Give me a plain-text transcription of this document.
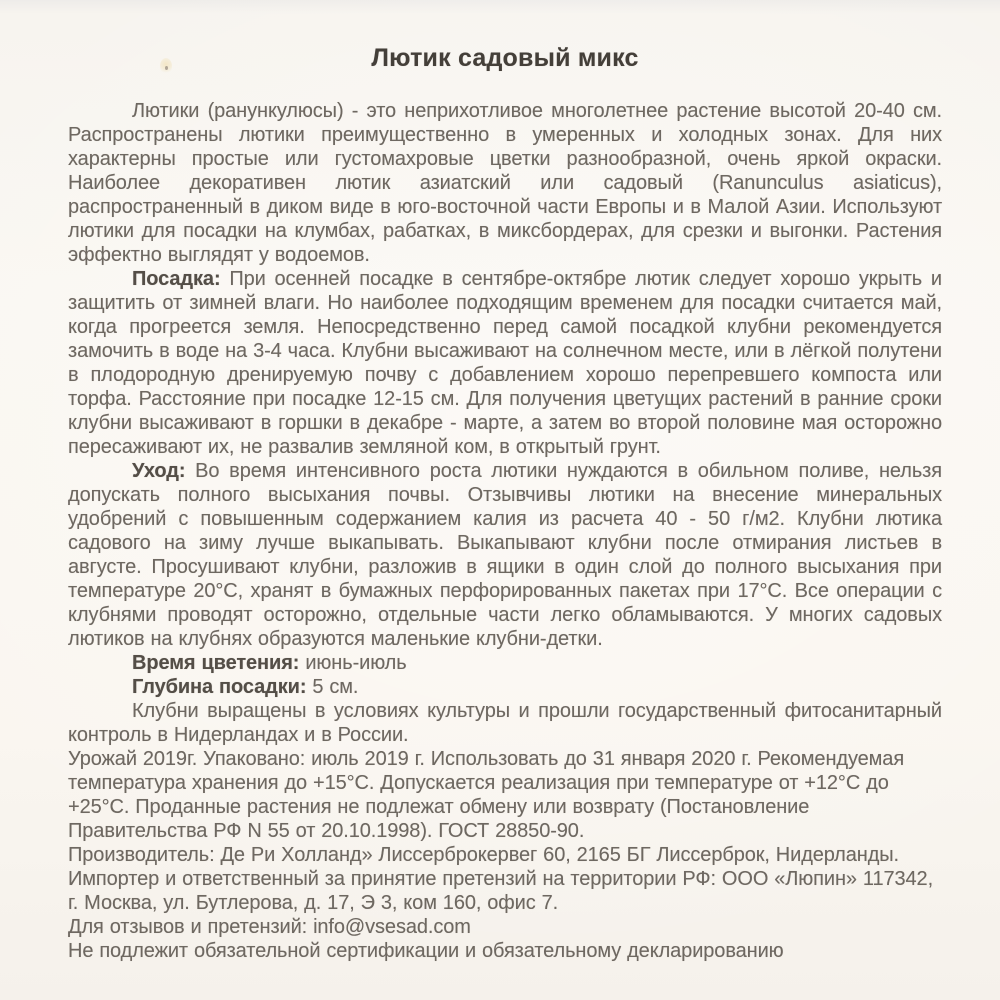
Лютик садовый микс

Лютики (ранункулюсы) - это неприхотливое многолетнее растение высотой 20-40 см. Распространены лютики преимущественно в умеренных и холодных зонах. Для них характерны простые или густомахровые цветки разнообразной, очень яркой окраски. Наиболее декоративен лютик азиатский или садовый (Ranunculus asiaticus), распространенный в диком виде в юго-восточной части Европы и в Малой Азии. Используют лютики для посадки на клумбах, рабатках, в миксбордерах, для срезки и выгонки. Растения эффектно выглядят у водоемов.

Посадка: При осенней посадке в сентябре-октябре лютик следует хорошо укрыть и защитить от зимней влаги. Но наиболее подходящим временем для посадки считается май, когда прогреется земля. Непосредственно перед самой посадкой клубни рекомендуется замочить в воде на 3-4 часа. Клубни высаживают на солнечном месте, или в лёгкой полутени в плодородную дренируемую почву с добавлением хорошо перепревшего компоста или торфа. Расстояние при посадке 12-15 см. Для получения цветущих растений в ранние сроки клубни высаживают в горшки в декабре - марте, а затем во второй половине мая осторожно пересаживают их, не развалив земляной ком, в открытый грунт.

Уход: Во время интенсивного роста лютики нуждаются в обильном поливе, нельзя допускать полного высыхания почвы. Отзывчивы лютики на внесение минеральных удобрений с повышенным содержанием калия из расчета 40 - 50 г/м2. Клубни лютика садового на зиму лучше выкапывать. Выкапывают клубни после отмирания листьев в августе. Просушивают клубни, разложив в ящики в один слой до полного высыхания при температуре 20°С, хранят в бумажных перфорированных пакетах при 17°С. Все операции с клубнями проводят осторожно, отдельные части легко обламываются. У многих садовых лютиков на клубнях образуются маленькие клубни-детки.

Время цветения: июнь-июль

Глубина посадки: 5 см.

Клубни выращены в условиях культуры и прошли государственный фитосанитарный контроль в Нидерландах и в России.

Урожай 2019г. Упаковано: июль 2019 г. Использовать до 31 января 2020 г. Рекомендуемая температура хранения до +15°С. Допускается реализация при температуре от +12°С до +25°С. Проданные растения не подлежат обмену или возврату (Постановление Правительства РФ N 55 от 20.10.1998). ГОСТ 28850-90.

Производитель: Де Ри Холланд» Лиссерброкервег 60, 2165 БГ Лиссерброк, Нидерланды.

Импортер и ответственный за принятие претензий на территории РФ: ООО «Люпин» 117342, г. Москва, ул. Бутлерова, д. 17, Э 3, ком 160, офис 7.

Для отзывов и претензий: info@vsesad.com

Не подлежит обязательной сертификации и обязательному декларированию
